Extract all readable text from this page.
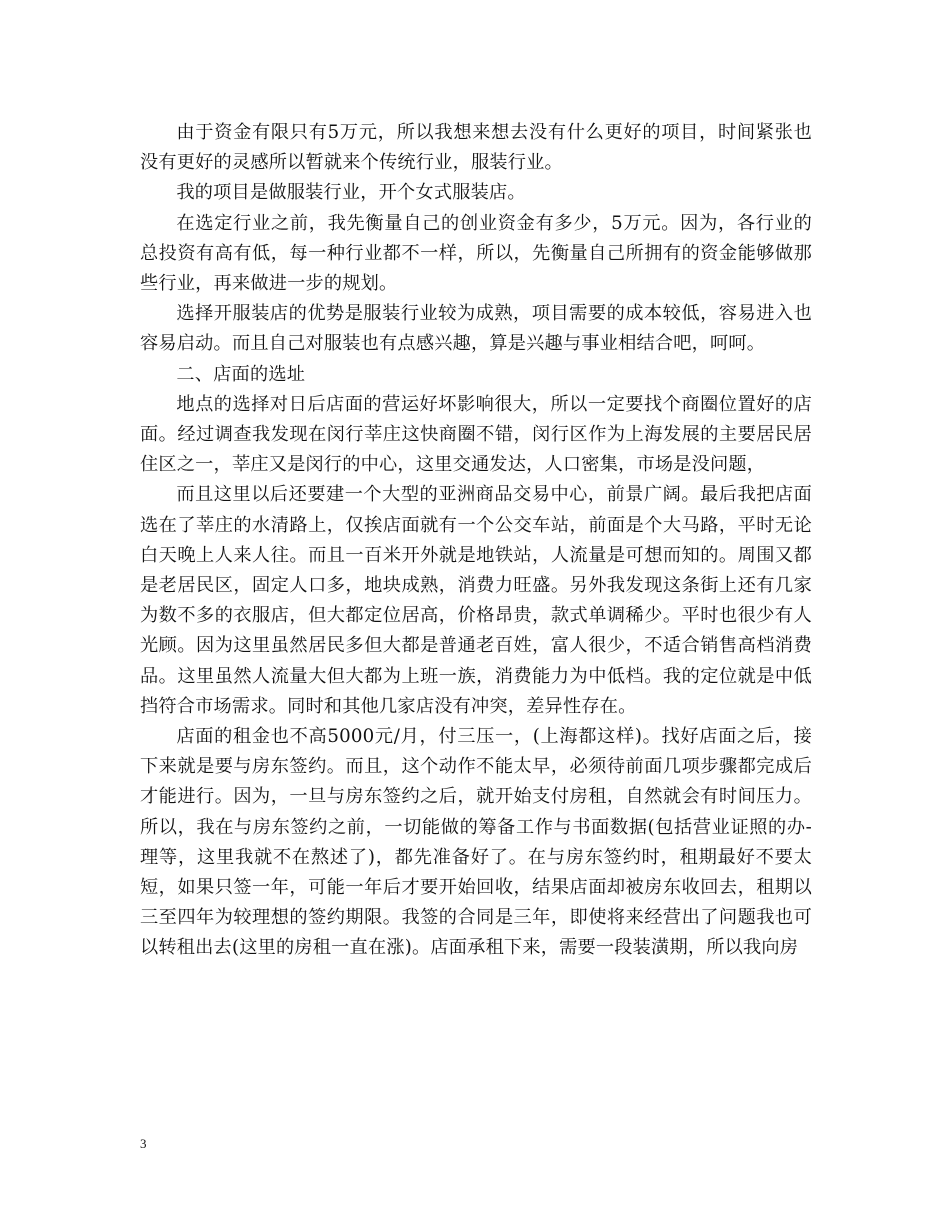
由于资金有限只有5万元，所以我想来想去没有什么更好的项目，时间紧张也没有更好的灵感所以暂就来个传统行业，服装行业。

我的项目是做服装行业，开个女式服装店。

在选定行业之前，我先衡量自己的创业资金有多少，5万元。因为，各行业的总投资有高有低，每一种行业都不一样，所以，先衡量自己所拥有的资金能够做那些行业，再来做进一步的规划。

选择开服装店的优势是服装行业较为成熟，项目需要的成本较低，容易进入也容易启动。而且自己对服装也有点感兴趣，算是兴趣与事业相结合吧，呵呵。

二、店面的选址

地点的选择对日后店面的营运好坏影响很大，所以一定要找个商圈位置好的店面。经过调查我发现在闵行莘庄这快商圈不错，闵行区作为上海发展的主要居民居住区之一，莘庄又是闵行的中心，这里交通发达，人口密集，市场是没问题，

而且这里以后还要建一个大型的亚洲商品交易中心，前景广阔。最后我把店面选在了莘庄的水清路上，仅挨店面就有一个公交车站，前面是个大马路，平时无论白天晚上人来人往。而且一百米开外就是地铁站，人流量是可想而知的。周围又都是老居民区，固定人口多，地块成熟，消费力旺盛。另外我发现这条街上还有几家为数不多的衣服店，但大都定位居高，价格昂贵，款式单调稀少。平时也很少有人光顾。因为这里虽然居民多但大都是普通老百姓，富人很少，不适合销售高档消费品。这里虽然人流量大但大都为上班一族，消费能力为中低档。我的定位就是中低挡符合市场需求。同时和其他几家店没有冲突，差异性存在。

店面的租金也不高5000元/月，付三压一，(上海都这样)。找好店面之后，接下来就是要与房东签约。而且，这个动作不能太早，必须待前面几项步骤都完成后才能进行。因为，一旦与房东签约之后，就开始支付房租，自然就会有时间压力。所以，我在与房东签约之前，一切能做的筹备工作与书面数据(包括营业证照的办-理等，这里我就不在熬述了)，都先准备好了。在与房东签约时，租期最好不要太短，如果只签一年，可能一年后才要开始回收，结果店面却被房东收回去，租期以三至四年为较理想的签约期限。我签的合同是三年，即使将来经营出了问题我也可以转租出去(这里的房租一直在涨)。店面承租下来，需要一段装潢期，所以我向房

3
